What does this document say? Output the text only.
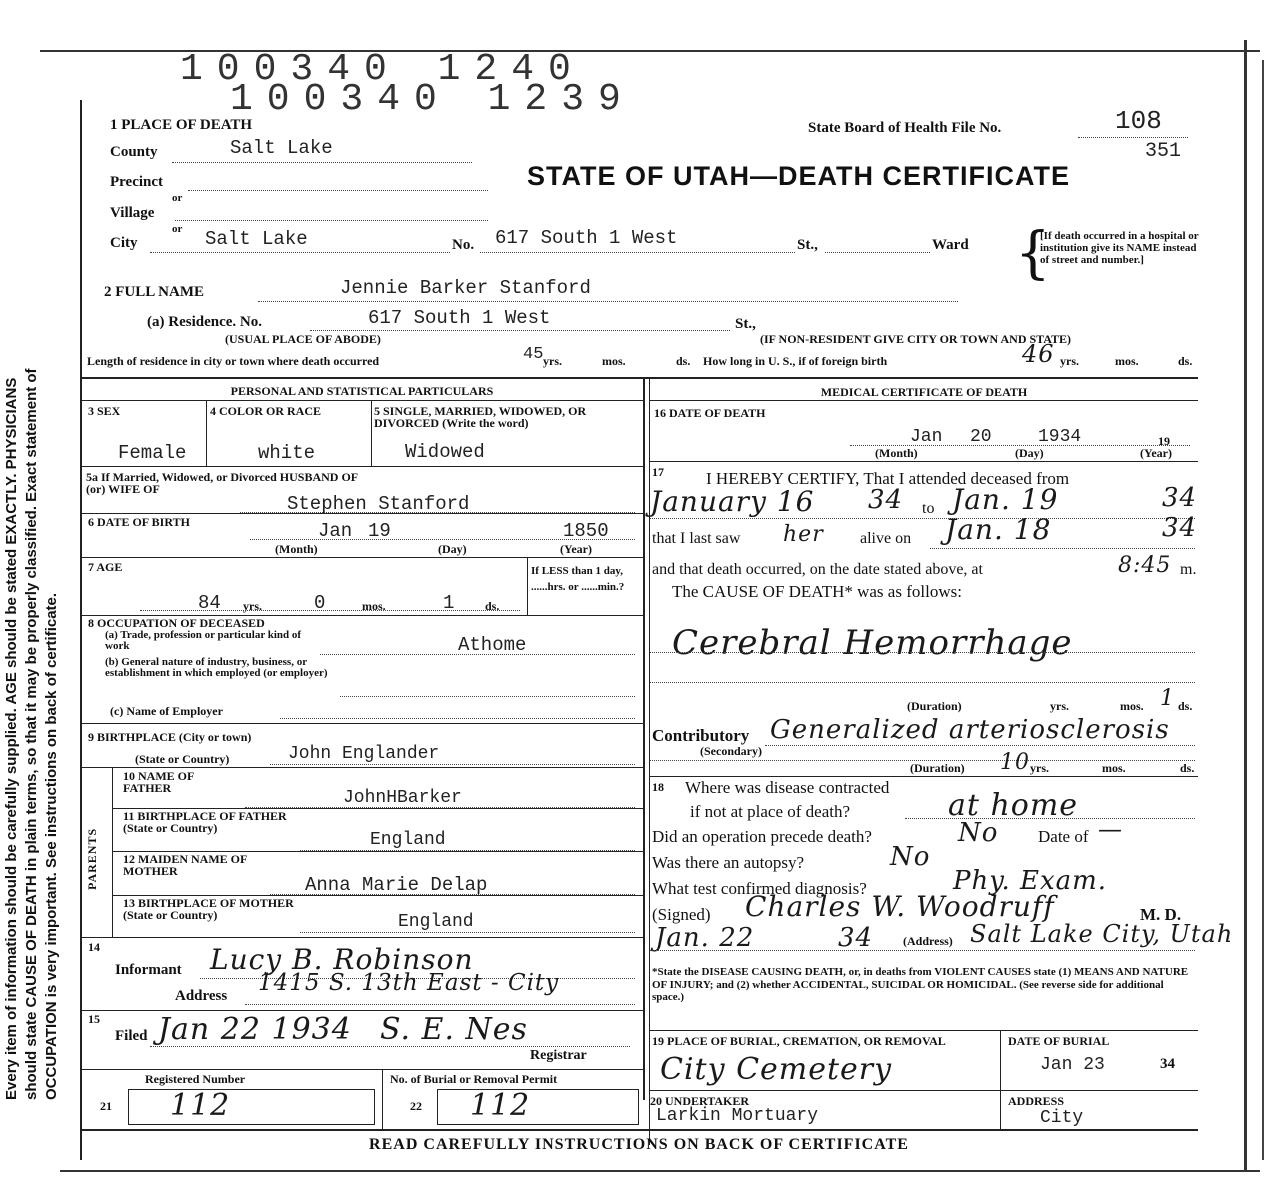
100340 1240
100340 1239
Every item of information should be carefully supplied. AGE should be stated EXACTLY. PHYSICIANS should state CAUSE OF DEATH in plain terms, so that it may be properly classified. Exact statement of OCCUPATION is very important. See instructions on back of certificate.
1 PLACE OF DEATH	State Board of Health File No.	108
351
STATE OF UTAH—DEATH CERTIFICATE
County	Salt Lake
Precinct
or
Village
or
City	Salt Lake	No. 617 South 1 West	St.,	Ward {
[If death occurred in a hospital or institution give its NAME instead of street and number.]
2 FULL NAME	Jennie Barker Stanford
(a) Residence. No.	617 South 1 West	St.,
(USUAL PLACE OF ABODE)	(IF NON-RESIDENT GIVE CITY OR TOWN AND STATE)
Length of residence in city or town where death occurred	45 yrs.	mos.	ds. How long in U. S., if of foreign birth	46 yrs.	mos.	ds.
PERSONAL AND STATISTICAL PARTICULARS	MEDICAL CERTIFICATE OF DEATH
3 SEX	4 COLOR OR RACE	5 SINGLE, MARRIED, WIDOWED, OR DIVORCED (Write the word)
Female	white	Widowed
5a If Married, Widowed, or Divorced HUSBAND OF (or) WIFE OF
Stephen Stanford
6 DATE OF BIRTH	Jan 19	1850
(Month)	(Day)	(Year)
7 AGE	If LESS than 1 day, ......hrs. or ......min.?
84 yrs.	0	mos.	1	ds.
8 OCCUPATION OF DECEASED
(a) Trade, profession or particular kind of work
(b) General nature of industry, business, or establishment in which employed (or employer)
Athome
(c) Name of Employer
9 BIRTHPLACE (City or town)
(State or Country)	John Englander
PARENTS
10 NAME OF FATHER	JohnHBarker
11 BIRTHPLACE OF FATHER (State or Country)
England
12 MAIDEN NAME OF MOTHER
Anna Marie Delap
13 BIRTHPLACE OF MOTHER (State or Country)	England
14
Informant Lucy B. Robinson
Address 1415 S. 13th East - City
15
Filed Jan 22 1934 S. E. Nes
Registrar
Registered Number	No. of Burial or Removal Permit
21 112	22 112
16 DATE OF DEATH
Jan 20	1934	19
(Month)	(Day)	(Year)
17 I HEREBY CERTIFY, That I attended deceased from
January 16 34 to Jan. 19	34
that I last saw her alive on Jan. 18	34
and that death occurred, on the date stated above, at	8:45 m.
The CAUSE OF DEATH* was as follows:
Cerebral Hemorrhage
(Duration)	yrs.	mos. 1 ds.
Contributory
(Secondary)
Generalized arteriosclerosis
(Duration) 10 yrs.	mos.	ds.
18 Where was disease contracted
if not at place of death?	at home
Did an operation precede death?	No Date of —
Was there an autopsy?	No
What test confirmed diagnosis?	Phy. Exam.
(Signed) Charles W. Woodruff	M. D.
Jan. 22	34 (Address) Salt Lake City, Utah
*State the DISEASE CAUSING DEATH, or, in deaths from VIOLENT CAUSES state (1) MEANS AND NATURE OF INJURY; and (2) whether ACCIDENTAL, SUICIDAL OR HOMICIDAL. (See reverse side for additional space.)
19 PLACE OF BURIAL, CREMATION, OR REMOVAL	DATE OF BURIAL
City Cemetery	Jan 23	34
20 UNDERTAKER
Larkin Mortuary
ADDRESS
City
READ CAREFULLY INSTRUCTIONS ON BACK OF CERTIFICATE
